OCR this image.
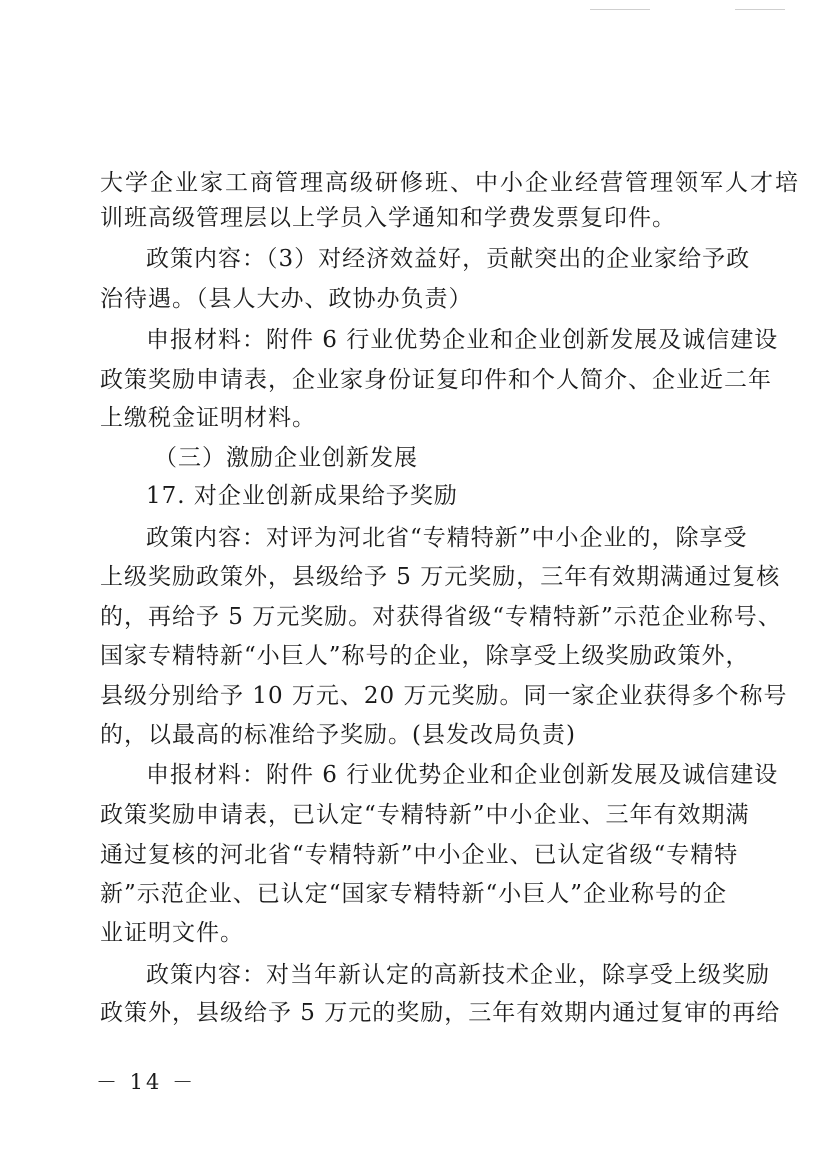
大学企业家工商管理高级研修班、中小企业经营管理领军人才培
训班高级管理层以上学员入学通知和学费发票复印件。
政策内容：（3）对经济效益好，贡献突出的企业家给予政
治待遇。（县人大办、政协办负责）
申报材料：附件 6 行业优势企业和企业创新发展及诚信建设
政策奖励申请表，企业家身份证复印件和个人简介、企业近二年
上缴税金证明材料。
（三）激励企业创新发展
17. 对企业创新成果给予奖励
政策内容：对评为河北省“专精特新”中小企业的，除享受
上级奖励政策外，县级给予 5 万元奖励，三年有效期满通过复核
的，再给予 5 万元奖励。对获得省级“专精特新”示范企业称号、
国家专精特新“小巨人”称号的企业，除享受上级奖励政策外，
县级分别给予 10 万元、20 万元奖励。同一家企业获得多个称号
的，以最高的标准给予奖励。(县发改局负责)
申报材料：附件 6 行业优势企业和企业创新发展及诚信建设
政策奖励申请表，已认定“专精特新”中小企业、三年有效期满
通过复核的河北省“专精特新”中小企业、已认定省级“专精特
新”示范企业、已认定“国家专精特新“小巨人”企业称号的企
业证明文件。
政策内容：对当年新认定的高新技术企业，除享受上级奖励
政策外，县级给予 5 万元的奖励，三年有效期内通过复审的再给
－ 14 －
